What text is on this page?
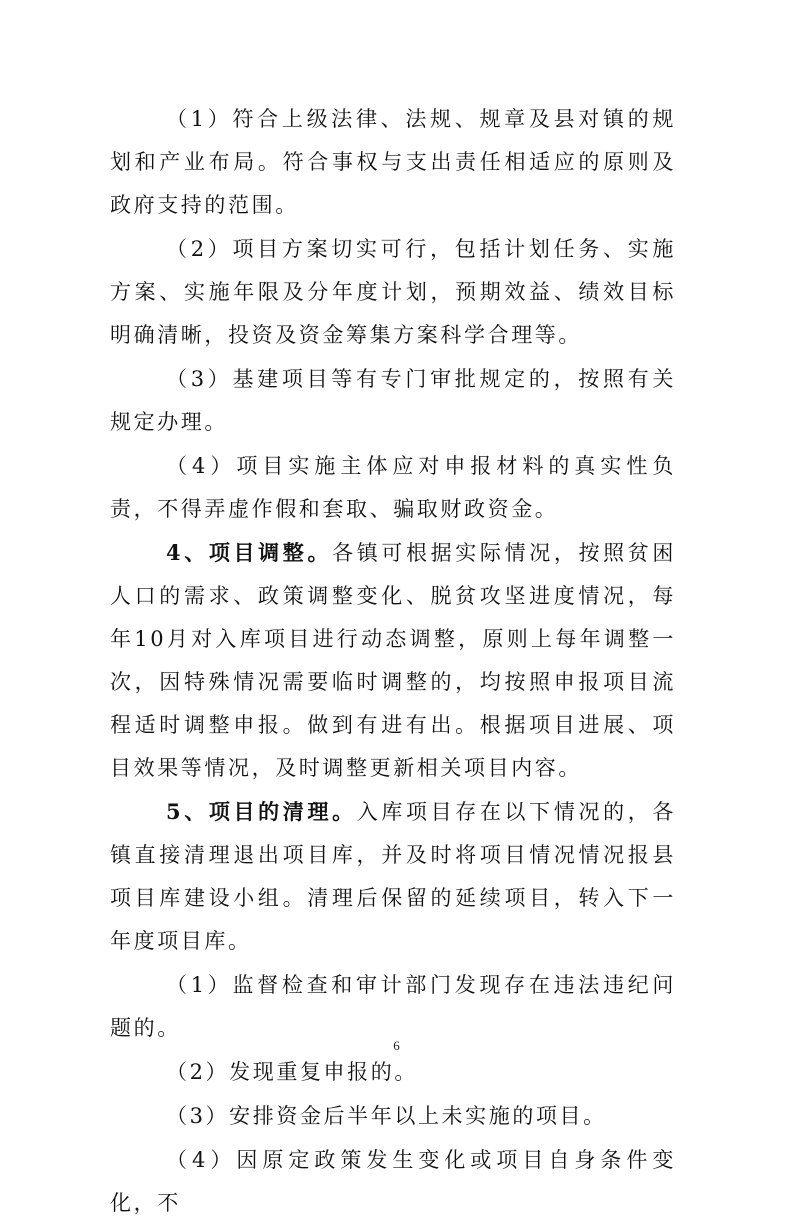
（1）符合上级法律、法规、规章及县对镇的规划和产业布局。符合事权与支出责任相适应的原则及政府支持的范围。

（2）项目方案切实可行，包括计划任务、实施方案、实施年限及分年度计划，预期效益、绩效目标明确清晰，投资及资金筹集方案科学合理等。

（3）基建项目等有专门审批规定的，按照有关规定办理。

（4）项目实施主体应对申报材料的真实性负责，不得弄虚作假和套取、骗取财政资金。

4、项目调整。各镇可根据实际情况，按照贫困人口的需求、政策调整变化、脱贫攻坚进度情况，每年10月对入库项目进行动态调整，原则上每年调整一次，因特殊情况需要临时调整的，均按照申报项目流程适时调整申报。做到有进有出。根据项目进展、项目效果等情况，及时调整更新相关项目内容。

5、项目的清理。入库项目存在以下情况的，各镇直接清理退出项目库，并及时将项目情况情况报县项目库建设小组。清理后保留的延续项目，转入下一年度项目库。

（1）监督检查和审计部门发现存在违法违纪问题的。

（2）发现重复申报的。

（3）安排资金后半年以上未实施的项目。

（4）因原定政策发生变化或项目自身条件变化，不

6
